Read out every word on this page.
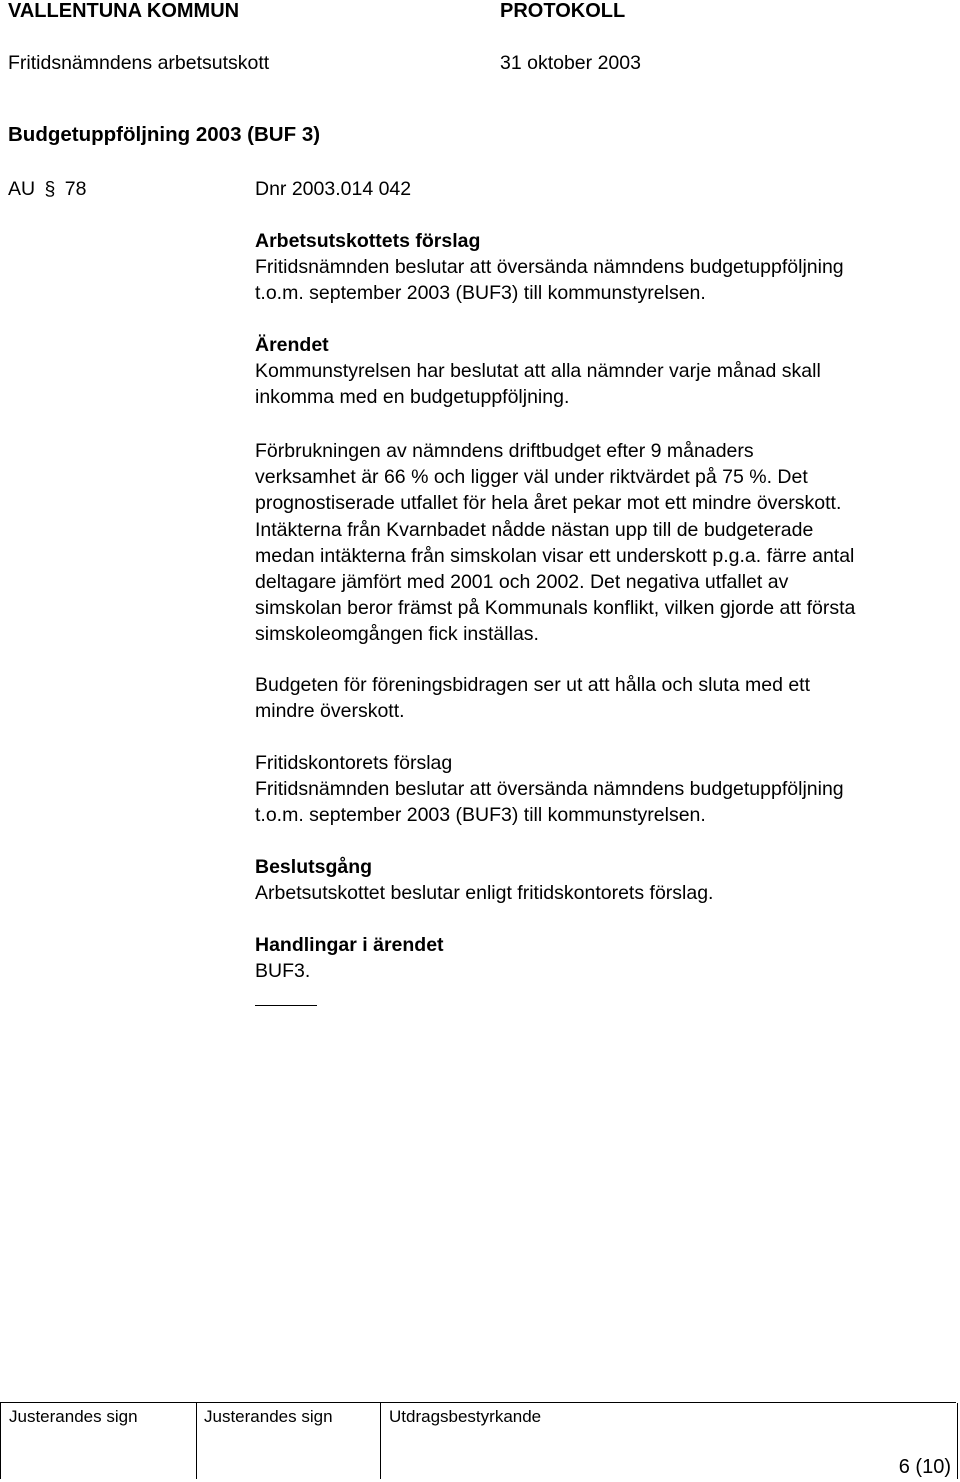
VALLENTUNA KOMMUN	PROTOKOLL
Fritidsnämndens arbetsutskott	31 oktober 2003
Budgetuppföljning 2003 (BUF 3)
AU § 78	Dnr 2003.014 042
Arbetsutskottets förslag
Fritidsnämnden beslutar att översända nämndens budgetuppföljning
t.o.m. september 2003 (BUF3) till kommunstyrelsen.
Ärendet
Kommunstyrelsen har beslutat att alla nämnder varje månad skall
inkomma med en budgetuppföljning.
Förbrukningen av nämndens driftbudget efter 9 månaders
verksamhet är 66 % och ligger väl under riktvärdet på 75 %. Det
prognostiserade utfallet för hela året pekar mot ett mindre överskott.
Intäkterna från Kvarnbadet nådde nästan upp till de budgeterade
medan intäkterna från simskolan visar ett underskott p.g.a. färre antal
deltagare jämfört med 2001 och 2002. Det negativa utfallet av
simskolan beror främst på Kommunals konflikt, vilken gjorde att första
simskoleomgången fick inställas.
Budgeten för föreningsbidragen ser ut att hålla och sluta med ett
mindre överskott.
Fritidskontorets förslag
Fritidsnämnden beslutar att översända nämndens budgetuppföljning
t.o.m. september 2003 (BUF3) till kommunstyrelsen.
Beslutsgång
Arbetsutskottet beslutar enligt fritidskontorets förslag.
Handlingar i ärendet
BUF3.
Justerandes sign	Justerandes sign	Utdragsbestyrkande
6 (10)
